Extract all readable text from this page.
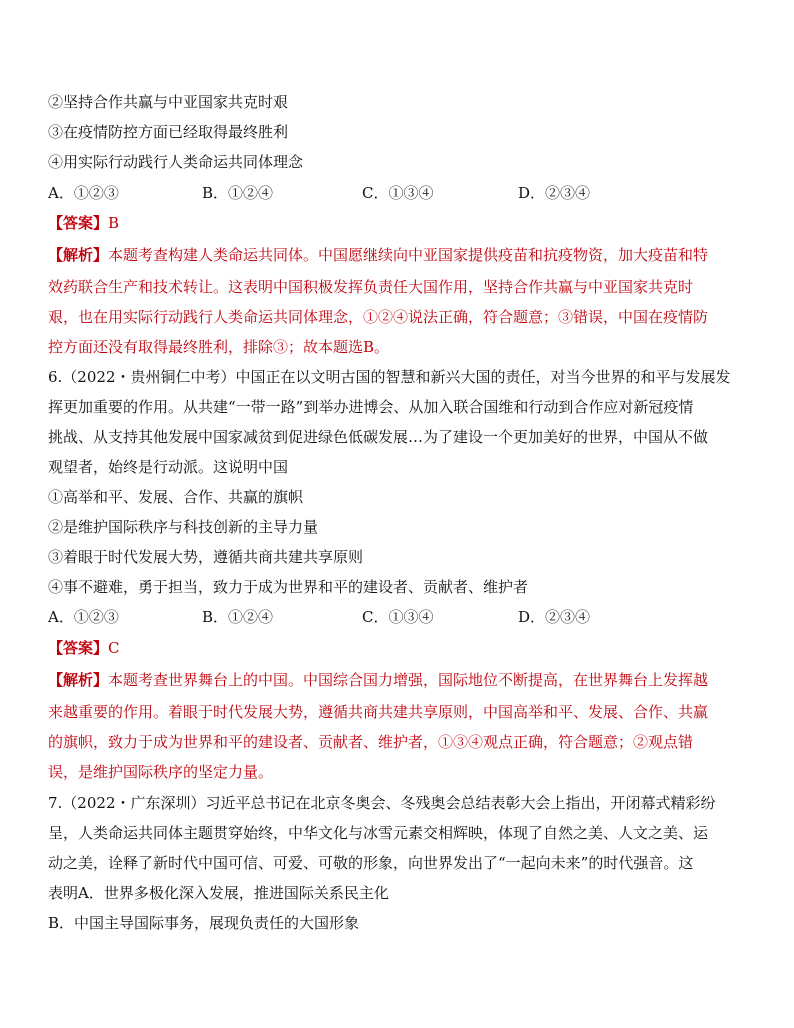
②坚持合作共赢与中亚国家共克时艰
③在疫情防控方面已经取得最终胜利
④用实际行动践行人类命运共同体理念
A．①②③	B．①②④	C．①③④	D．②③④
【答案】B
【解析】本题考查构建人类命运共同体。中国愿继续向中亚国家提供疫苗和抗疫物资，加大疫苗和特
效药联合生产和技术转让。这表明中国积极发挥负责任大国作用，坚持合作共赢与中亚国家共克时
艰，也在用实际行动践行人类命运共同体理念，①②④说法正确，符合题意；③错误，中国在疫情防
控方面还没有取得最终胜利，排除③；故本题选B。
6.（2022・贵州铜仁中考）中国正在以文明古国的智慧和新兴大国的责任，对当今世界的和平与发展发
挥更加重要的作用。从共建“一带一路”到举办进博会、从加入联合国维和行动到合作应对新冠疫情
挑战、从支持其他发展中国家减贫到促进绿色低碳发展…为了建设一个更加美好的世界，中国从不做
观望者，始终是行动派。这说明中国
①高举和平、发展、合作、共赢的旗帜
②是维护国际秩序与科技创新的主导力量
③着眼于时代发展大势，遵循共商共建共享原则
④事不避难，勇于担当，致力于成为世界和平的建设者、贡献者、维护者
A．①②③	B．①②④	C．①③④	D．②③④
【答案】C
【解析】本题考查世界舞台上的中国。中国综合国力增强，国际地位不断提高，在世界舞台上发挥越
来越重要的作用。着眼于时代发展大势，遵循共商共建共享原则，中国高举和平、发展、合作、共赢
的旗帜，致力于成为世界和平的建设者、贡献者、维护者，①③④观点正确，符合题意；②观点错
误，是维护国际秩序的坚定力量。
7.（2022・广东深圳）习近平总书记在北京冬奥会、冬残奥会总结表彰大会上指出，开闭幕式精彩纷
呈，人类命运共同体主题贯穿始终，中华文化与冰雪元素交相辉映，体现了自然之美、人文之美、运
动之美，诠释了新时代中国可信、可爱、可敬的形象，向世界发出了“一起向未来”的时代强音。这
表明A．世界多极化深入发展，推进国际关系民主化
B．中国主导国际事务，展现负责任的大国形象
